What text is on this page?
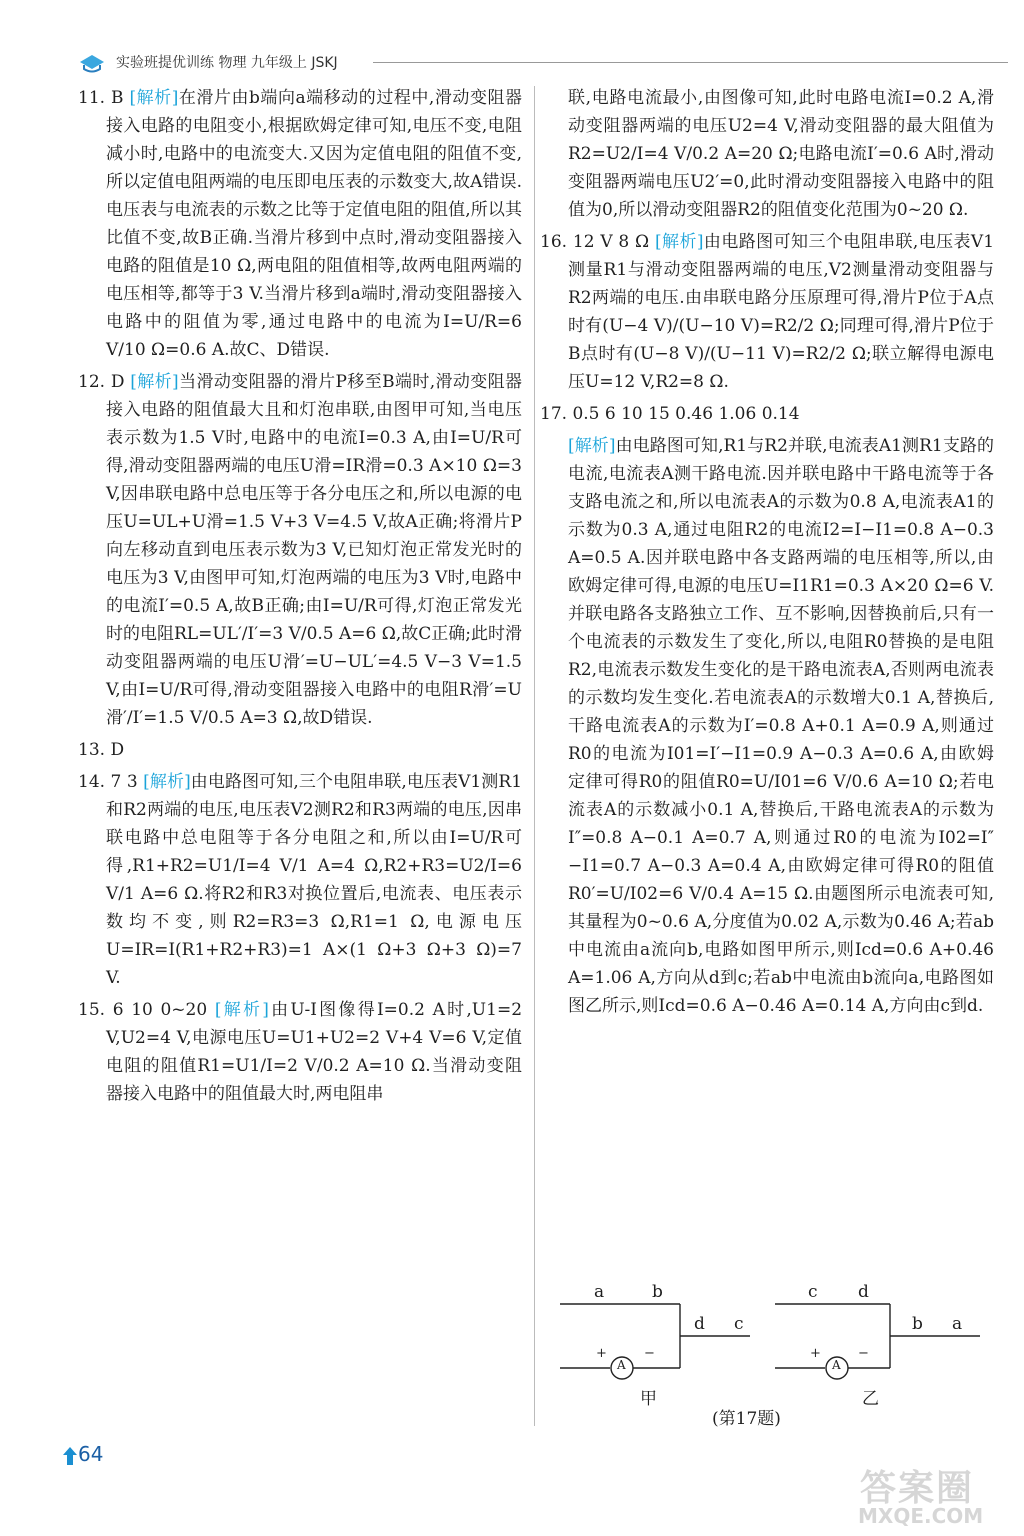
实验班提优训练 物理 九年级上 JSKJ

11. B [解析]在滑片由b端向a端移动的过程中,滑动变阻器接入电路的电阻变小,根据欧姆定律可知,电压不变,电阻减小时,电路中的电流变大.又因为定值电阻的阻值不变,所以定值电阻两端的电压即电压表的示数变大,故A错误.电压表与电流表的示数之比等于定值电阻的阻值,所以其比值不变,故B正确.当滑片移到中点时,滑动变阻器接入电路的阻值是10 Ω,两电阻的阻值相等,故两电阻两端的电压相等,都等于3 V.当滑片移到a端时,滑动变阻器接入电路中的阻值为零,通过电路中的电流为I=U/R=6 V/10 Ω=0.6 A.故C、D错误.

12. D [解析]当滑动变阻器的滑片P移至B端时,滑动变阻器接入电路的阻值最大且和灯泡串联,由图甲可知,当电压表示数为1.5 V时,电路中的电流I=0.3 A,由I=U/R可得,滑动变阻器两端的电压U滑=IR滑=0.3 A×10 Ω=3 V,因串联电路中总电压等于各分电压之和,所以电源的电压U=UL+U滑=1.5 V+3 V=4.5 V,故A正确;将滑片P向左移动直到电压表示数为3 V,已知灯泡正常发光时的电压为3 V,由图甲可知,灯泡两端的电压为3 V时,电路中的电流I′=0.5 A,故B正确;由I=U/R可得,灯泡正常发光时的电阻RL=UL′/I′=3 V/0.5 A=6 Ω,故C正确;此时滑动变阻器两端的电压U滑′=U−UL′=4.5 V−3 V=1.5 V,由I=U/R可得,滑动变阻器接入电路中的电阻R滑′=U滑′/I′=1.5 V/0.5 A=3 Ω,故D错误.

13. D

14. 7 3 [解析]由电路图可知,三个电阻串联,电压表V1测R1和R2两端的电压,电压表V2测R2和R3两端的电压,因串联电路中总电阻等于各分电阻之和,所以由I=U/R可得,R1+R2=U1/I=4 V/1 A=4 Ω,R2+R3=U2/I=6 V/1 A=6 Ω.将R2和R3对换位置后,电流表、电压表示数均不变,则R2=R3=3 Ω,R1=1 Ω,电源电压U=IR=I(R1+R2+R3)=1 A×(1 Ω+3 Ω+3 Ω)=7 V.

15. 6 10 0~20 [解析]由U-I图像得I=0.2 A时,U1=2 V,U2=4 V,电源电压U=U1+U2=2 V+4 V=6 V,定值电阻的阻值R1=U1/I=2 V/0.2 A=10 Ω.当滑动变阻器接入电路中的阻值最大时,两电阻串

联,电路电流最小,由图像可知,此时电路电流I=0.2 A,滑动变阻器两端的电压U2=4 V,滑动变阻器的最大阻值为R2=U2/I=4 V/0.2 A=20 Ω;电路电流I′=0.6 A时,滑动变阻器两端电压U2′=0,此时滑动变阻器接入电路中的阻值为0,所以滑动变阻器R2的阻值变化范围为0~20 Ω.

16. 12 V 8 Ω [解析]由电路图可知三个电阻串联,电压表V1测量R1与滑动变阻器两端的电压,V2测量滑动变阻器与R2两端的电压.由串联电路分压原理可得,滑片P位于A点时有(U−4 V)/(U−10 V)=R2/2 Ω;同理可得,滑片P位于B点时有(U−8 V)/(U−11 V)=R2/2 Ω;联立解得电源电压U=12 V,R2=8 Ω.

17. 0.5 6 10 15 0.46 1.06 0.14

[解析]由电路图可知,R1与R2并联,电流表A1测R1支路的电流,电流表A测干路电流.因并联电路中干路电流等于各支路电流之和,所以电流表A的示数为0.8 A,电流表A1的示数为0.3 A,通过电阻R2的电流I2=I−I1=0.8 A−0.3 A=0.5 A.因并联电路中各支路两端的电压相等,所以,由欧姆定律可得,电源的电压U=I1R1=0.3 A×20 Ω=6 V.并联电路各支路独立工作、互不影响,因替换前后,只有一个电流表的示数发生了变化,所以,电阻R0替换的是电阻R2,电流表示数发生变化的是干路电流表A,否则两电流表的示数均发生变化.若电流表A的示数增大0.1 A,替换后,干路电流表A的示数为I′=0.8 A+0.1 A=0.9 A,则通过R0的电流为I01=I′−I1=0.9 A−0.3 A=0.6 A,由欧姆定律可得R0的阻值R0=U/I01=6 V/0.6 A=10 Ω;若电流表A的示数减小0.1 A,替换后,干路电流表A的示数为I″=0.8 A−0.1 A=0.7 A,则通过R0的电流为I02=I″−I1=0.7 A−0.3 A=0.4 A,由欧姆定律可得R0的阻值R0′=U/I02=6 V/0.4 A=15 Ω.由题图所示电流表可知,其量程为0~0.6 A,分度值为0.02 A,示数为0.46 A;若ab中电流由a流向b,电路如图甲所示,则Icd=0.6 A+0.46 A=1.06 A,方向从d到c;若ab中电流由b流向a,电路图如图乙所示,则Icd=0.6 A−0.46 A=0.14 A,方向由c到d.

a	b
d c
+
A
−
甲
c d
b a
+
A
−
乙
(第17题)
64
答案圈
MXQE.COM
